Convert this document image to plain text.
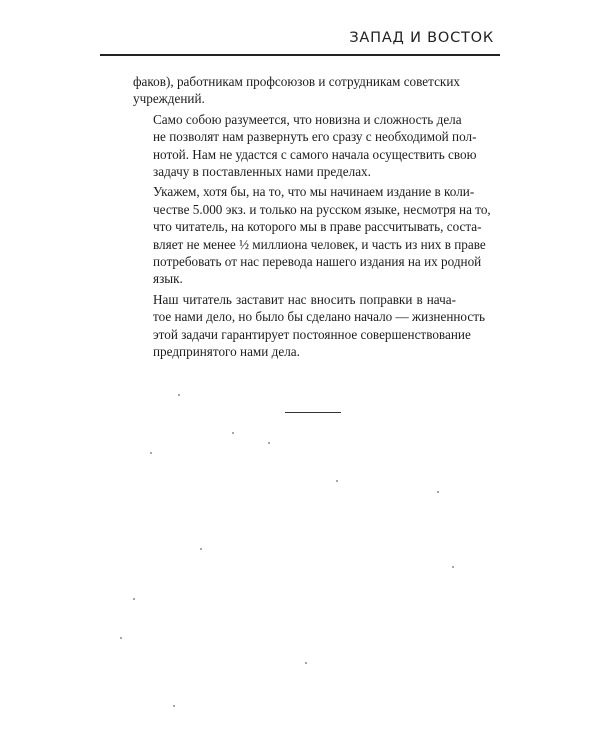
ЗАПАД И ВОСТОК

факов), работникам профсоюзов и сотрудникам советских
учреждений.

Само собою разумеется, что новизна и сложность дела
не позволят нам развернуть его сразу с необходимой пол-
нотой. Нам не удастся с самого начала осуществить свою
задачу в поставленных нами пределах.

Укажем, хотя бы, на то, что мы начинаем издание в коли-
честве 5.000 экз. и только на русском языке, несмотря на то,
что читатель, на которого мы в праве рассчитывать, соста-
вляет не менее ½ миллиона человек, и часть из них в праве
потребовать от нас перевода нашего издания на их родной
язык.

Наш читатель заставит нас вносить поправки в нача-
тое нами дело, но было бы сделано начало — жизненность
этой задачи гарантирует постоянное совершенствование
предпринятого нами дела.
